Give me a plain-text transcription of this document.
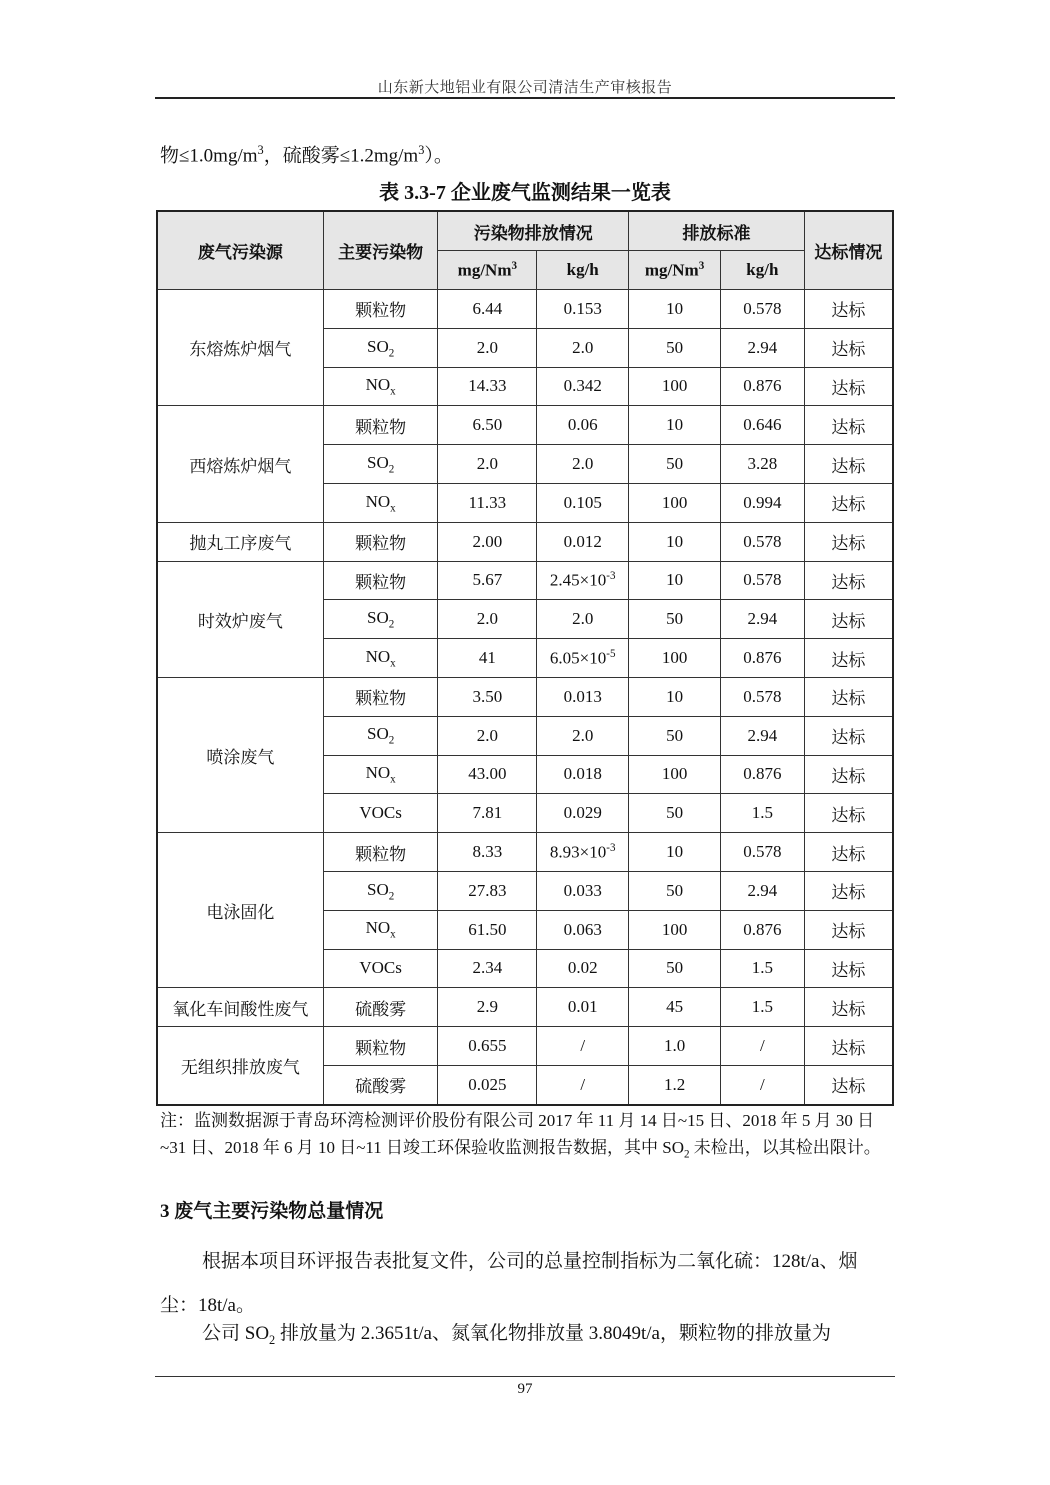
山东新大地铝业有限公司清洁生产审核报告
物$\le 1.0mg/m^3$，硫酸雾$\le 1.2mg/m^3$）。
表 3.3-7 企业废气监测结果一览表
废气污染源	主要污染物	污染物排放情况		排放标准		达标情况
		mg/Nm$^3$	kg/h	mg/Nm$^3$	kg/h	
东熔炼炉烟气	颗粒物	6.44	0.153	10	0.578	达标
	$SO_2$	2.0	2.0	50	2.94	达标
	$NO_x$	14.33	0.342	100	0.876	达标
西熔炼炉烟气	颗粒物	6.50	0.06	10	0.646	达标
	$SO_2$	2.0	2.0	50	3.28	达标
	$NO_x$	11.33	0.105	100	0.994	达标
抛丸工序废气	颗粒物	2.00	0.012	10	0.578	达标
时效炉废气	颗粒物	5.67	$2.45\times 10^{-3}$	10	0.578	达标
	$SO_2$	2.0	2.0	50	2.94	达标
	$NO_x$	41	$6.05\times 10^{-5}$	100	0.876	达标
喷涂废气	颗粒物	3.50	0.013	10	0.578	达标
	$SO_2$	2.0	2.0	50	2.94	达标
	$NO_x$	43.00	0.018	100	0.876	达标
	VOCs	7.81	0.029	50	1.5	达标
电泳固化	颗粒物	8.33	$8.93\times 10^{-3}$	10	0.578	达标
	$SO_2$	27.83	0.033	50	2.94	达标
	$NO_x$	61.50	0.063	100	0.876	达标
	VOCs	2.34	0.02	50	1.5	达标
氧化车间酸性废气	硫酸雾	2.9	0.01	45	1.5	达标
无组织排放废气	颗粒物	0.655	/	1.0	/	达标
	硫酸雾	0.025	/	1.2	/	达标
注：监测数据源于青岛环湾检测评价股份有限公司 2017 年 11 月 14 日~15 日、2018 年 5 月 30 日~31 日、2018 年 6 月 10 日~11 日竣工环保验收监测报告数据，其中 $SO_2$ 未检出，以其检出限计。
3 废气主要污染物总量情况
根据本项目环评报告表批复文件，公司的总量控制指标为二氧化硫：128t/a、烟尘：18t/a。
公司 $SO_2$ 排放量为 2.3651t/a、氮氧化物排放量 3.8049t/a，颗粒物的排放量为
97
